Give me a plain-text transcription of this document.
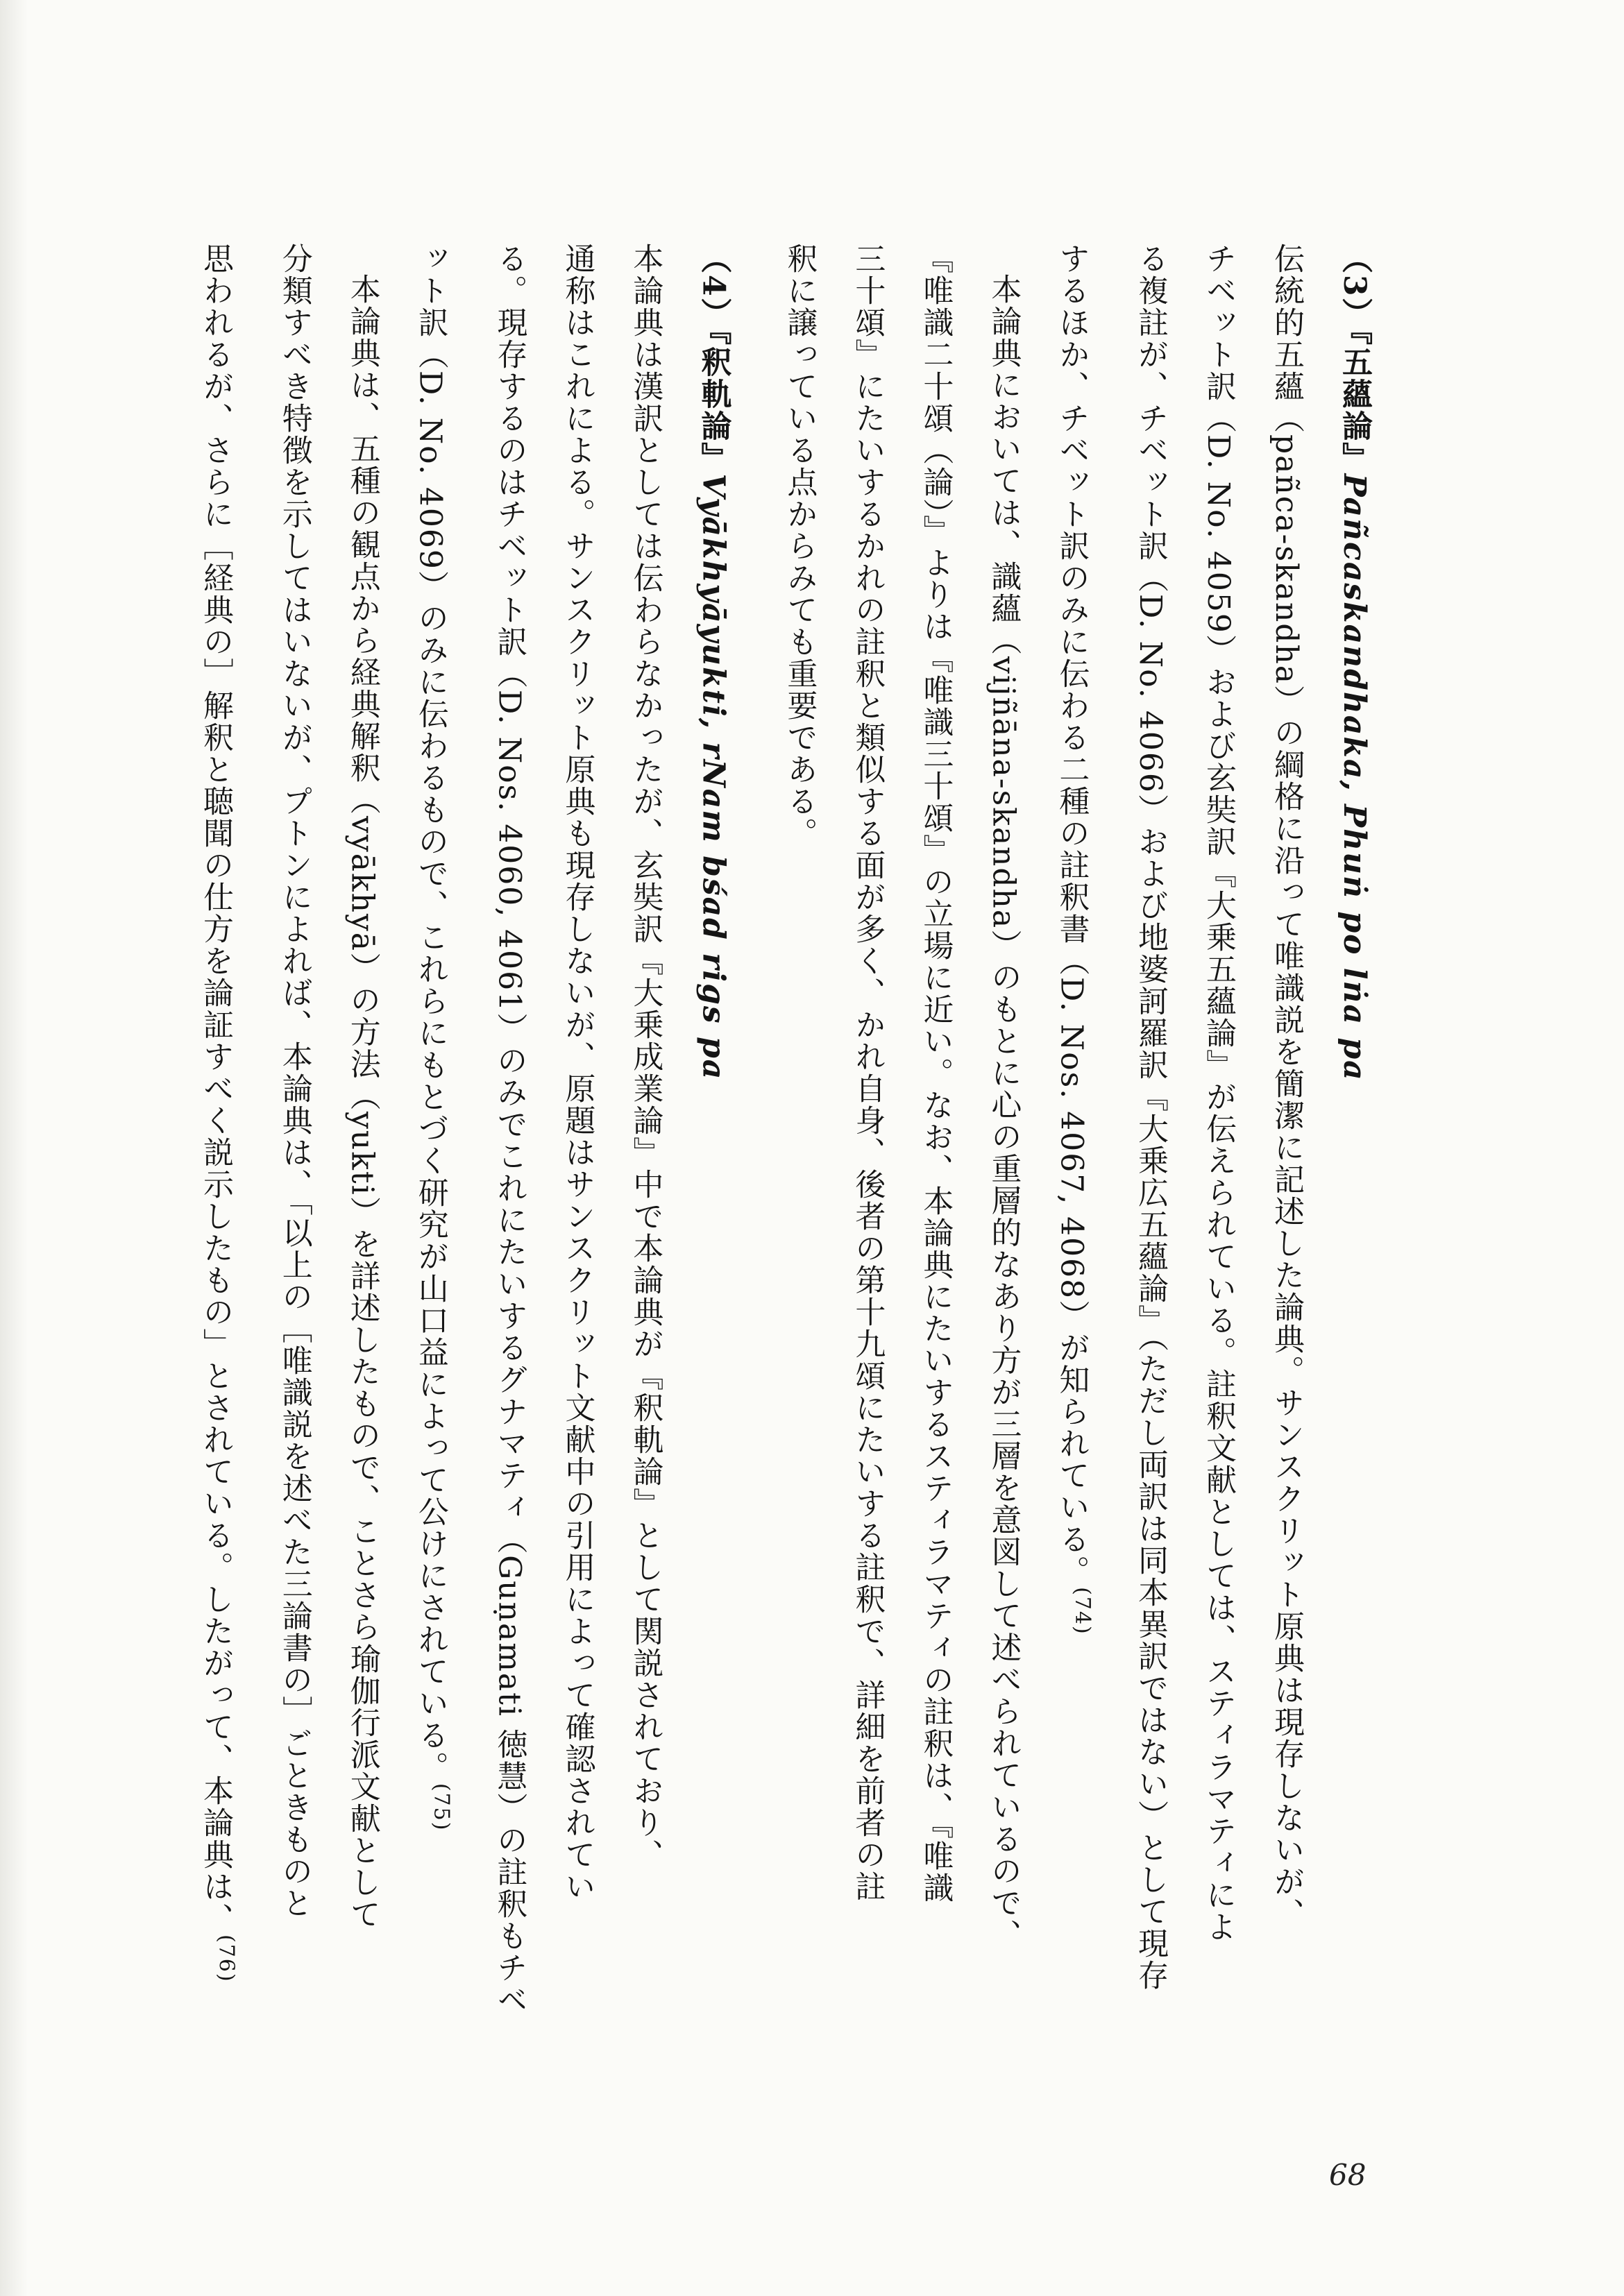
（3）『五蘊論』Pañcaskandhaka, Phuṅ po lṅa pa
伝統的五蘊（pañca-skandha）の綱格に沿って唯識説を簡潔に記述した論典。サンスクリット原典は現存しないが、
チベット訳（D. No. 4059）および玄奘訳『大乗五蘊論』が伝えられている。註釈文献としては、スティラマティによ
る複註が、チベット訳（D. No. 4066）および地婆訶羅訳『大乗広五蘊論』（ただし両訳は同本異訳ではない）として現存
するほか、チベット訳のみに伝わる二種の註釈書（D. Nos. 4067, 4068）が知られている。$^{(74)}$
本論典においては、識蘊（vijñāna-skandha）のもとに心の重層的なあり方が三層を意図して述べられているので、
『唯識二十頌（論）』よりは『唯識三十頌』の立場に近い。なお、本論典にたいするスティラマティの註釈は、『唯識
三十頌』にたいするかれの註釈と類似する面が多く、かれ自身、後者の第十九頌にたいする註釈で、詳細を前者の註
釈に譲っている点からみても重要である。
（4）『釈軌論』Vyākhyāyukti, rNam bśad rigs pa
本論典は漢訳としては伝わらなかったが、玄奘訳『大乗成業論』中で本論典が『釈軌論』として関説されており、
通称はこれによる。サンスクリット原典も現存しないが、原題はサンスクリット文献中の引用によって確認されてい
る。現存するのはチベット訳（D. Nos. 4060, 4061）のみでこれにたいするグナマティ（Guṇamati 徳慧）の註釈もチベ
ット訳（D. No. 4069）のみに伝わるもので、これらにもとづく研究が山口益によって公けにされている。$^{(75)}$
本論典は、五種の観点から経典解釈（vyākhyā）の方法（yukti）を詳述したもので、ことさら瑜伽行派文献として
分類すべき特徴を示してはいないが、プトンによれば、本論典は、「以上の［唯識説を述べた三論書の］ごときものと
思われるが、さらに［経典の］解釈と聴聞の仕方を論証すべく説示したもの」とされている。したがって、本論典は、$^{(76)}$
68
